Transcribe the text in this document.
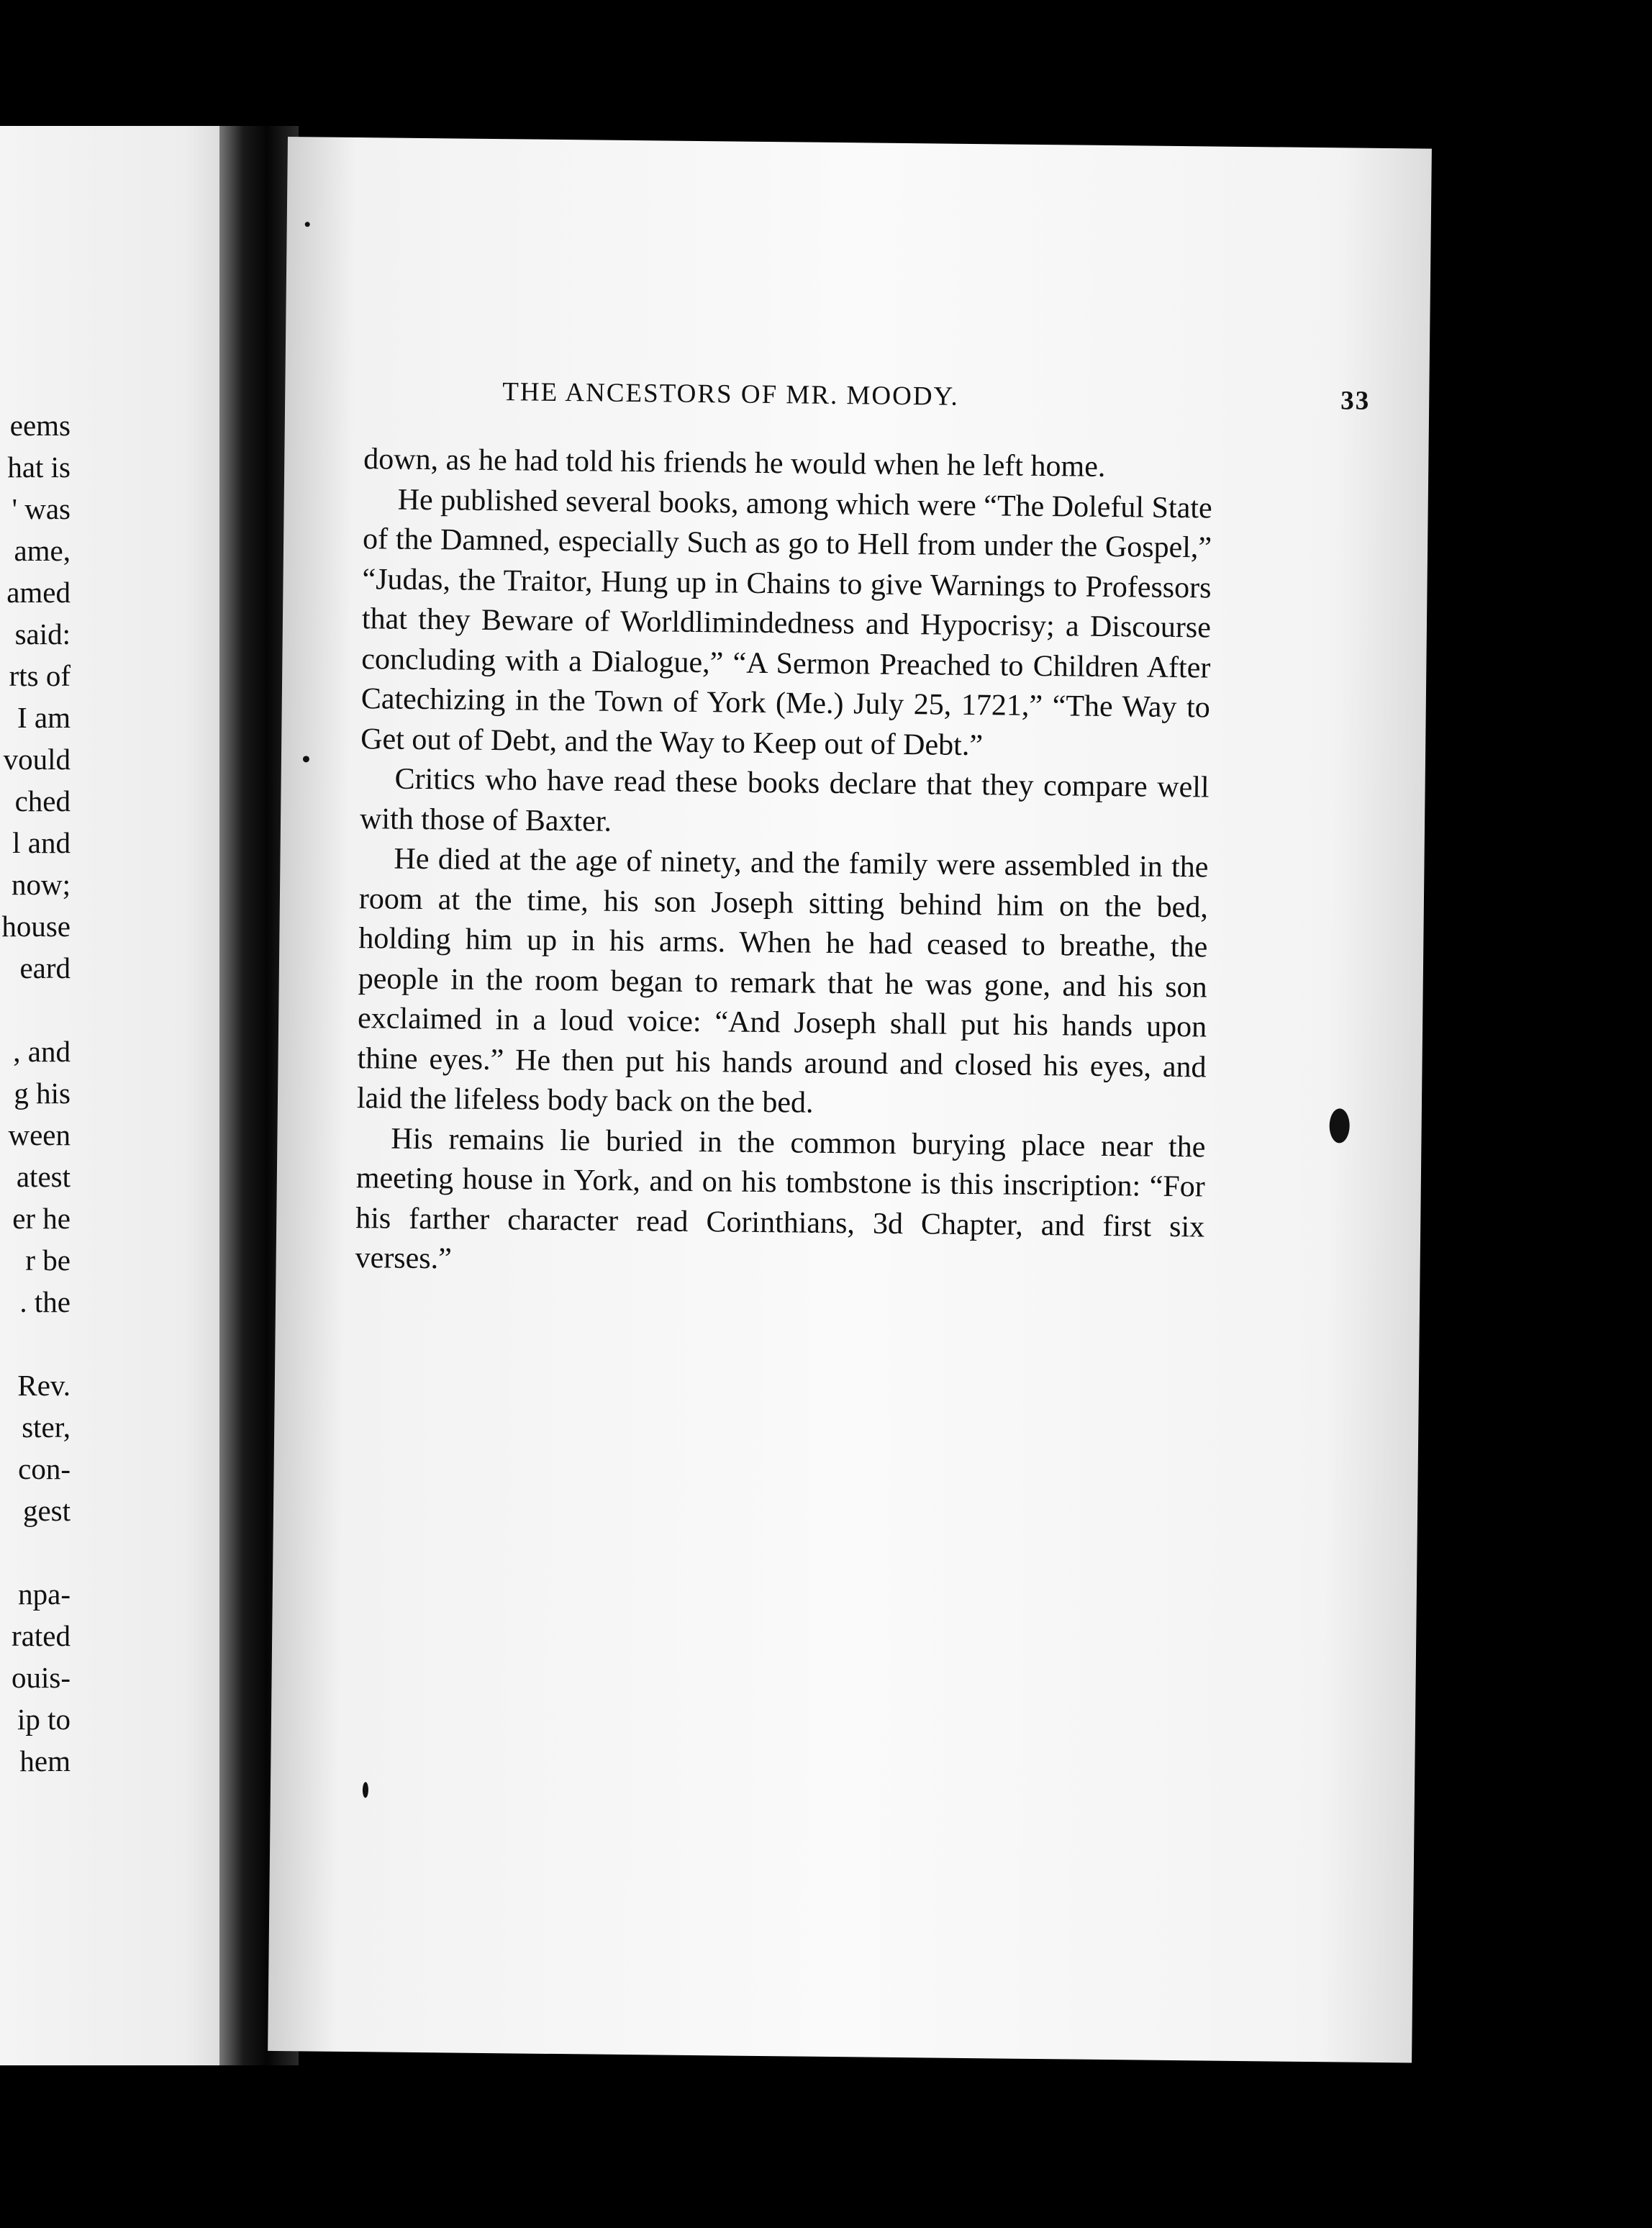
eems
hat is
' was
ame,
amed
said:
rts of
I am
vould
ched
l and
now;
house
eard
, and
g his
ween
atest
er he
r be
. the
Rev.
ster,
con-
gest
npa-
rated
ouis-
ip to
hem
THE ANCESTORS OF MR. MOODY.	33

down, as he had told his friends he would when he left home.

He published several books, among which were “The Doleful State of the Damned, especially Such as go to Hell from under the Gospel,” “Judas, the Traitor, Hung up in Chains to give Warnings to Professors that they Beware of Worldlimindedness and Hypocrisy; a Discourse concluding with a Dialogue,” “A Sermon Preached to Children After Catechizing in the Town of York (Me.) July 25, 1721,” “The Way to Get out of Debt, and the Way to Keep out of Debt.”

Critics who have read these books declare that they compare well with those of Baxter.

He died at the age of ninety, and the family were assembled in the room at the time, his son Joseph sitting behind him on the bed, holding him up in his arms. When he had ceased to breathe, the people in the room began to remark that he was gone, and his son exclaimed in a loud voice: “And Joseph shall put his hands upon thine eyes.” He then put his hands around and closed his eyes, and laid the lifeless body back on the bed.

His remains lie buried in the common burying place near the meeting house in York, and on his tombstone is this inscription: “For his farther character read Corinthians, 3d Chapter, and first six verses.”
